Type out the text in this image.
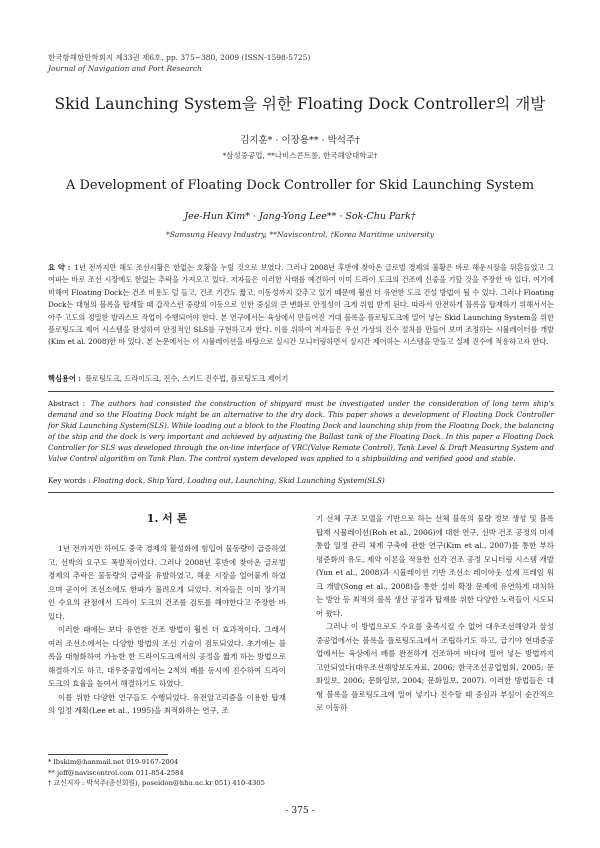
한국항해항만학회지 제33권 제6호, pp. 375~380, 2009 (ISSN-1598-5725)
Journal of Navigation and Port Research
Skid Launching System을 위한 Floating Dock Controller의 개발
김지훈* · 이장용** · 박석주†
*삼성중공업, **나비스콘트롤, 한국해양대학교†
A Development of Floating Dock Controller for Skid Launching System
Jee-Hun Kim* · Jang-Yong Lee** · Sok-Chu Park†
*Samsung Heavy Industry, **Naviscontrol, †Korea Maritime university
요 약 : 1년 전까지만 해도 조선시황은 한없는 호황을 누릴 것으로 보였다. 그러나 2008년 후반에 찾아온 글로벌 경제의 불황은 바로 해운시장을 뒤흔들었고 그 여파는 바로 조선 시장에도 한없는 추락을 가져오고 있다. 저자들은 이러한 사태를 예견하여 이미 드라이 도크의 건조에 신중을 기할 것을 주장한 바 있다. 여기에 비해여 Floating Dock는 건조 비용도 덜 들고, 건조 기간도 짧고, 이동성까지 갖추고 있기 때문에 훨씬 더 유연한 도크 건설 방법이 될 수 있다. 그러나 Floating Dock는 대형의 블록을 탑재할 때 갑작스런 중량의 이동으로 인한 중심의 큰 변화로 안정성이 크게 위협 받게 된다. 따라서 안전하게 블록을 탑재하기 위해서서는 아주 고도의 정밀한 발라스트 작업이 수행되어야 한다. 본 연구에서는 육상에서 만들어진 거대 블록을 플로팅도크에 밀어 넣는 Skid Launching System을 위한 플로팅도크 제어 시스템을 완성하여 안정적인 SLS를 구현하고자 한다. 이를 위하여 저자들은 우선 가상의 진수 절차를 만들어 보며 조정하는 시뮬레이터를 개발(Kim et al. 2008)한 바 있다. 본 논문에서는 이 시뮬레이션을 바탕으로 실시간 모니터링하면서 실시간 제어하는 시스템을 만들고 실제 진수에 적용하고자 한다.
핵심용어 : 플로팅도크, 드라이도크, 진수, 스키드 진수법, 플로팅도크 제어기
Abstract : The authors had consisted the construction of shipyard must be investigated under the consideration of long term ship's demand and so the Floating Dock might be an alternative to the dry dock. This paper shows a development of Floating Dock Controller for Skid Launching System(SLS). While loading out a block to the Floating Dock and launching ship from the Floating Dock, the balancing of the ship and the dock is very important and achieved by adjusting the Ballast tank of the Floating Dock. In this paper a Floating Dock Controller for SLS was developed through the on-line interface of VRC(Valve Remote Control), Tank Level & Draft Measuring System and Valve Control algorithm on Tank Plan. The control system developed was applied to a shipbuilding and verified good and stable.
Key words : Floating dock, Ship Yard, Loading out, Launching, Skid Launching System(SLS)
1. 서 론

1년 전까지만 하여도 중국 경제의 활성화에 힘입어 물동량이 급증하였고, 선박의 요구도 폭발적이었다. 그러나 2008년 후반에 찾아온 글로벌 경제의 추락은 물동량의 급락을 유발하였고, 해운 시장을 얼어붙게 하였으며 곧이어 조선소에도 한파가 불려오게 되었다. 저자들은 이미 장기적인 수요의 관점에서 드라이 도크의 건조를 검토를 해야한다고 주장한 바 있다.

이러한 때에는 보다 유연한 건조 방법이 훨씬 더 효과적이다. 그래서 여러 조선소에서는 다양한 방법의 조선 기술이 검토되었다. 초기에는 블록을 대형화하여 가능한 한 드라이도크에서의 공정을 짧게 하는 방법으로 해결하기도 하고, 대우중공업에서는 2척의 배를 동시에 진수하여 드라이도크의 효율을 높여서 해결하기도 하였다.

이를 위한 다양한 연구들도 수행되었다. 유전알고리즘을 이용한 탑재의 일정 계획(Lee et al., 1995)을 최적화하는 연구, 조

기 선체 구조 모델을 기반으로 하는 선체 블록의 물량 정보 생성 및 블록 탑재 시뮬레이션(Roh et al., 2006)에 대한 연구, 선박 건조 공정의 미세 통합 일정 관리 체계 구축에 관한 연구(Kim et al., 2007)를 통한 부하 평준화의 유도, 제약 이론을 적용한 선각 건조 공정 모니터링 시스템 개발(Yun et al., 2008)과 시뮬레이션 기반 조선소 레이아웃 설계 프레임 워크 개발(Song et al., 2008)을 통한 설비 확장 문제에 유연하게 대처하는 방안 등 최적의 블록 생산 공정과 탑재를 위한 다양한 노력들이 시도되어 왔다.

그러나 이 방법으로도 수요를 충족시킬 수 없어 대우조선해양과 삼성중공업에서는 블록을 플로팅도크에서 조립하기도 하고, 급기야 현대중공업에서는 육상에서 배를 완전하게 건조하여 바다에 밀어 넣는 방법까지 고안되었다(대우조선해양보도자료, 2006; 한국조선공업협회, 2005; 문화일보, 2006; 문화일보, 2004; 문화일보, 2007). 이러한 방법들은 대형 블록을 플로팅도크에 밀어 넣기나 진수할 때 중심과 부심이 순간적으로 이동하

* lbskim@hanmail.net 019-9167-2004
** jeff@naviscontrol.com 011-854-2584
† 교신저자 : 박석주(종신회원), poseidon@hhu.ac.kr 051) 410-4305
- 375 -
